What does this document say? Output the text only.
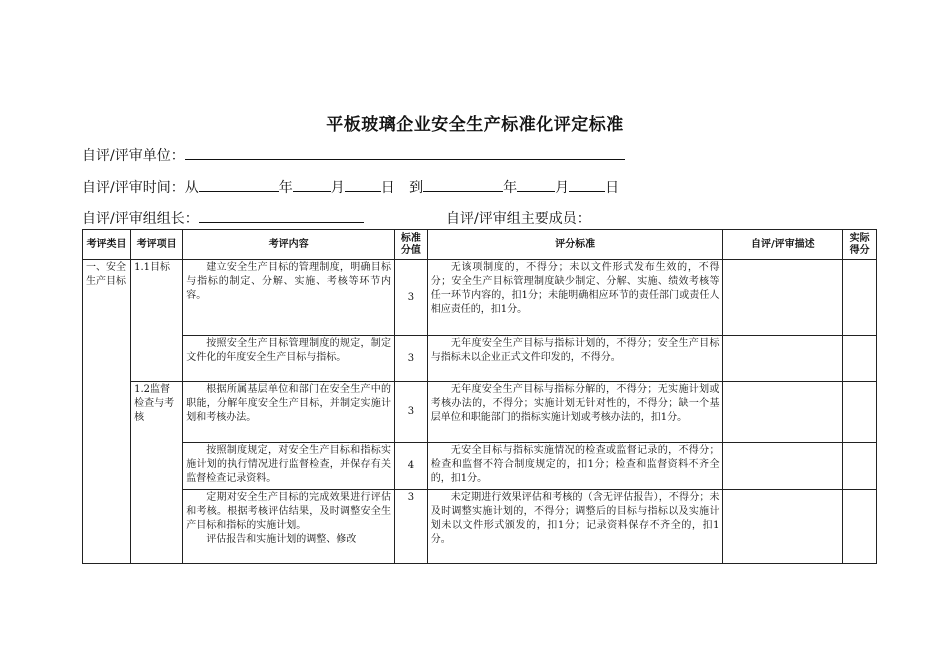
平板玻璃企业安全生产标准化评定标准
自评/评审单位：
自评/评审时间：从	年	月	日 到	年	月	日
自评/评审组组长：	自评/评审组主要成员：
考评类目	考评项目	考评内容	标准分值	评分标准	自评/评审描述	实际得分
一、安全生产目标	1.1目标	建立安全生产目标的管理制度，明确目标与指标的制定、分解、实施、考核等环节内容。	3	无该项制度的，不得分；未以文件形式发布生效的，不得分；安全生产目标管理制度缺少制定、分解、实施、绩效考核等任一环节内容的，扣1分；未能明确相应环节的责任部门或责任人相应责任的，扣1分。		

		按照安全生产目标管理制度的规定，制定文件化的年度安全生产目标与指标。	3	无年度安全生产目标与指标计划的，不得分；安全生产目标与指标未以企业正式文件印发的，不得分。		

	1.2监督检查与考核	根据所属基层单位和部门在安全生产中的职能，分解年度安全生产目标，并制定实施计划和考核办法。	3	无年度安全生产目标与指标分解的，不得分；无实施计划或考核办法的，不得分；实施计划无针对性的，不得分；缺一个基层单位和职能部门的指标实施计划或考核办法的，扣1分。		

		按照制度规定，对安全生产目标和指标实施计划的执行情况进行监督检查，并保存有关监督检查记录资料。	4	无安全目标与指标实施情况的检查或监督记录的，不得分；检查和监督不符合制度规定的，扣1分；检查和监督资料不齐全的，扣1分。		

		定期对安全生产目标的完成效果进行评估和考核。根据考核评估结果，及时调整安全生产目标和指标的实施计划。
评估报告和实施计划的调整、修改	3	未定期进行效果评估和考核的（含无评估报告），不得分；未及时调整实施计划的，不得分；调整后的目标与指标以及实施计划未以文件形式颁发的，扣1分；记录资料保存不齐全的，扣1分。		
